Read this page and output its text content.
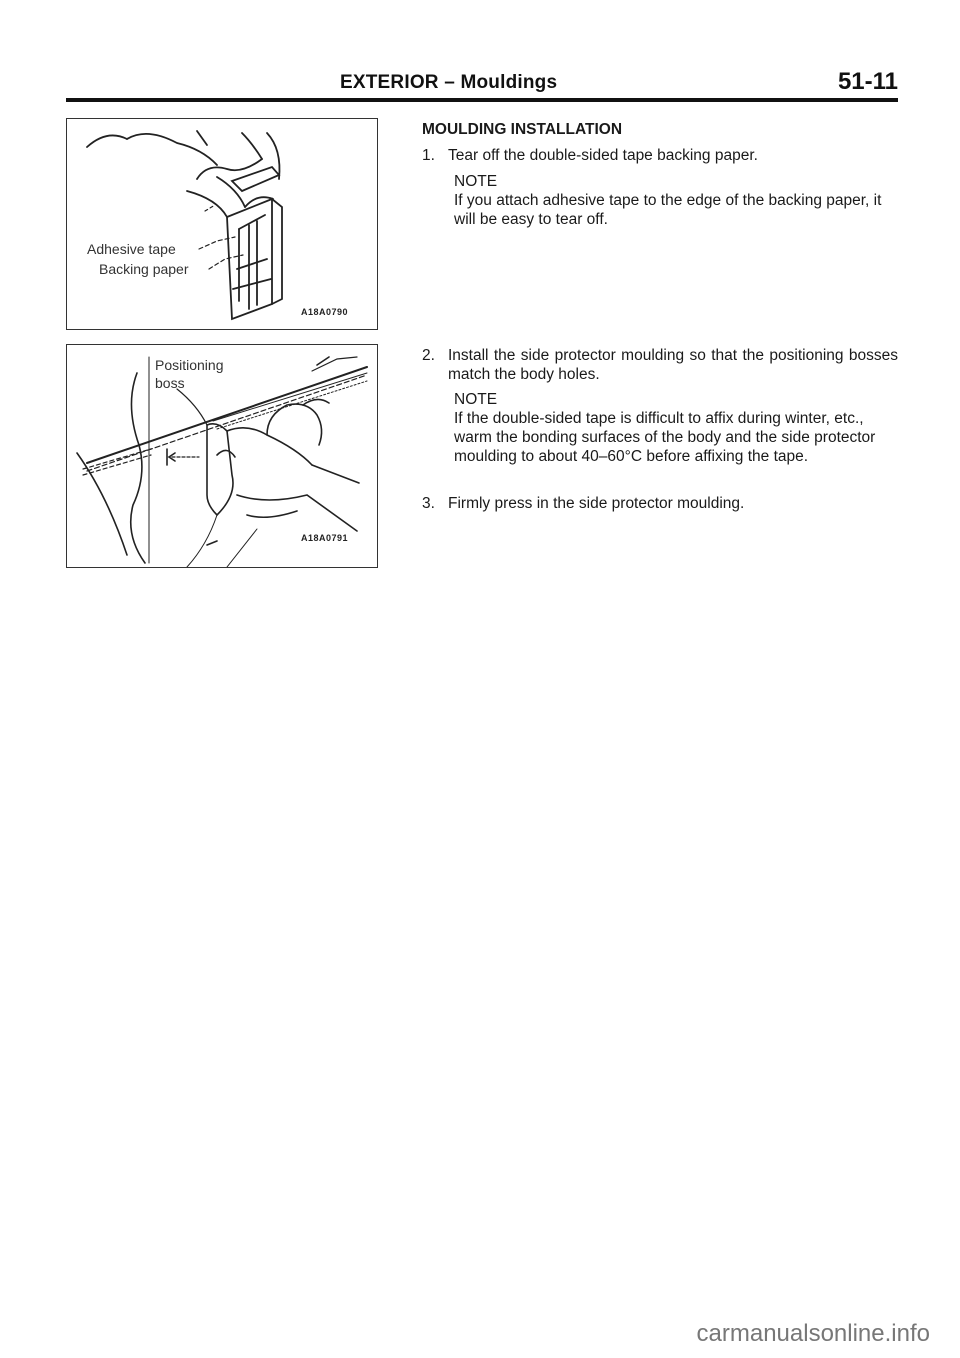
EXTERIOR – Mouldings	51-11
Adhesive tape
Backing paper
A18A0790
Positioning
boss
A18A0791
MOULDING INSTALLATION
1. Tear off the double-sided tape backing paper.
NOTE
If you attach adhesive tape to the edge of the backing paper, it will be easy to tear off.
2. Install the side protector moulding so that the positioning bosses match the body holes.
NOTE
If the double-sided tape is difficult to affix during winter, etc., warm the bonding surfaces of the body and the side protector moulding to about 40–60°C before affixing the tape.
3. Firmly press in the side protector moulding.
carmanualsonline.info
